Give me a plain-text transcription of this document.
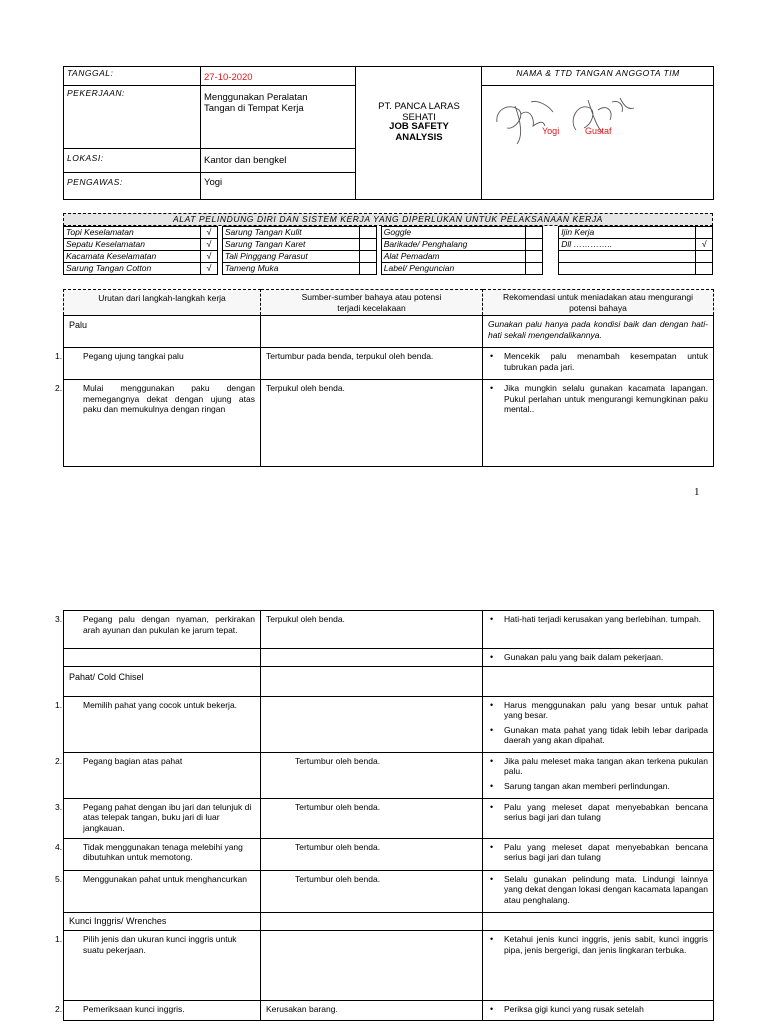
TANGGAL:	27-10-2020	PT. PANCA LARAS
SEHATI
JOB SAFETY
ANALYSIS	NAMA & TTD TANGAN ANGGOTA TIM

PEKERJAAN:	Menggunakan Peralatan Tangan di Tempat Kerja		Yogi Gustaf

LOKASI:	Kantor dan bengkel		

PENGAWAS:	Yogi		
ALAT PELINDUNG DIRI DAN SISTEM KERJA YANG DIPERLUKAN UNTUK PELAKSANAAN KERJA
Topi Keselamatan	√		Sarung Tangan Kulit			Goggle			Ijin Kerja	
Sepatu Keselamatan	√		Sarung Tangan Karet			Barikade/ Penghalang			Dll …………..	√
Kacamata Keselamatan	√		Tali Pinggang Parasut			Alat Pemadam				
Sarung Tangan Cotton	√		Tameng Muka			Label/ Penguncian				
Urutan dari langkah-langkah kerja	Sumber-sumber bahaya atau potensi terjadi kecelakaan	Rekomendasi untuk meniadakan atau mengurangi potensi bahaya
Palu		Gunakan palu hanya pada kondisi baik dan dengan hati-hati sekali mengendalikannya.

1. Pegang ujung tangkai palu	Tertumbur pada benda, terpukul oleh benda.	• Mencekik palu menambah kesempatan untuk tubrukan pada jari.

2. Mulai menggunakan paku dengan memegangnya dekat dengan ujung atas paku dan memukulnya dengan ringan	Terpukul oleh benda.	• Jika mungkin selalu gunakan kacamata lapangan. Pukul perlahan untuk mengurangi kemungkinan paku mental..
1
3. Pegang palu dengan nyaman, perkirakan arah ayunan dan pukulan ke jarum tepat.	Terpukul oleh benda.	• Hati-hati terjadi kerusakan yang berlebihan. tumpah.

		• Gunakan palu yang baik dalam pekerjaan.

Pahat/ Cold Chisel		

1. Memilih pahat yang cocok untuk bekerja.		• Harus menggunakan palu yang besar untuk pahat yang besar.
• Gunakan mata pahat yang tidak lebih lebar daripada daerah yang akan dipahat.

2. Pegang bagian atas pahat	Tertumbur oleh benda.	• Jika palu meleset maka tangan akan terkena pukulan palu.
• Sarung tangan akan memberi perlindungan.

3. Pegang pahat dengan ibu jari dan telunjuk di atas telepak tangan, buku jari di luar jangkauan.	Tertumbur oleh benda.	• Palu yang meleset dapat menyebabkan bencana serius bagi jari dan tulang

4. Tidak menggunakan tenaga melebihi yang dibutuhkan untuk memotong.	Tertumbur oleh benda.	• Palu yang meleset dapat menyebabkan bencana serius bagi jari dan tulang

5. Menggunakan pahat untuk menghancurkan	Tertumbur oleh benda.	• Selalu gunakan pelindung mata. Lindungi lainnya yang dekat dengan lokasi dengan kacamata lapangan atau penghalang.

Kunci Inggris/ Wrenches		

1. Pilih jenis dan ukuran kunci inggris untuk suatu pekerjaan.		• Ketahui jenis kunci inggris, jenis sabit, kunci inggris pipa, jenis bergerigi, dan jenis lingkaran terbuka.

2. Pemeriksaan kunci inggris.	Kerusakan barang.	• Periksa gigi kunci yang rusak setelah
